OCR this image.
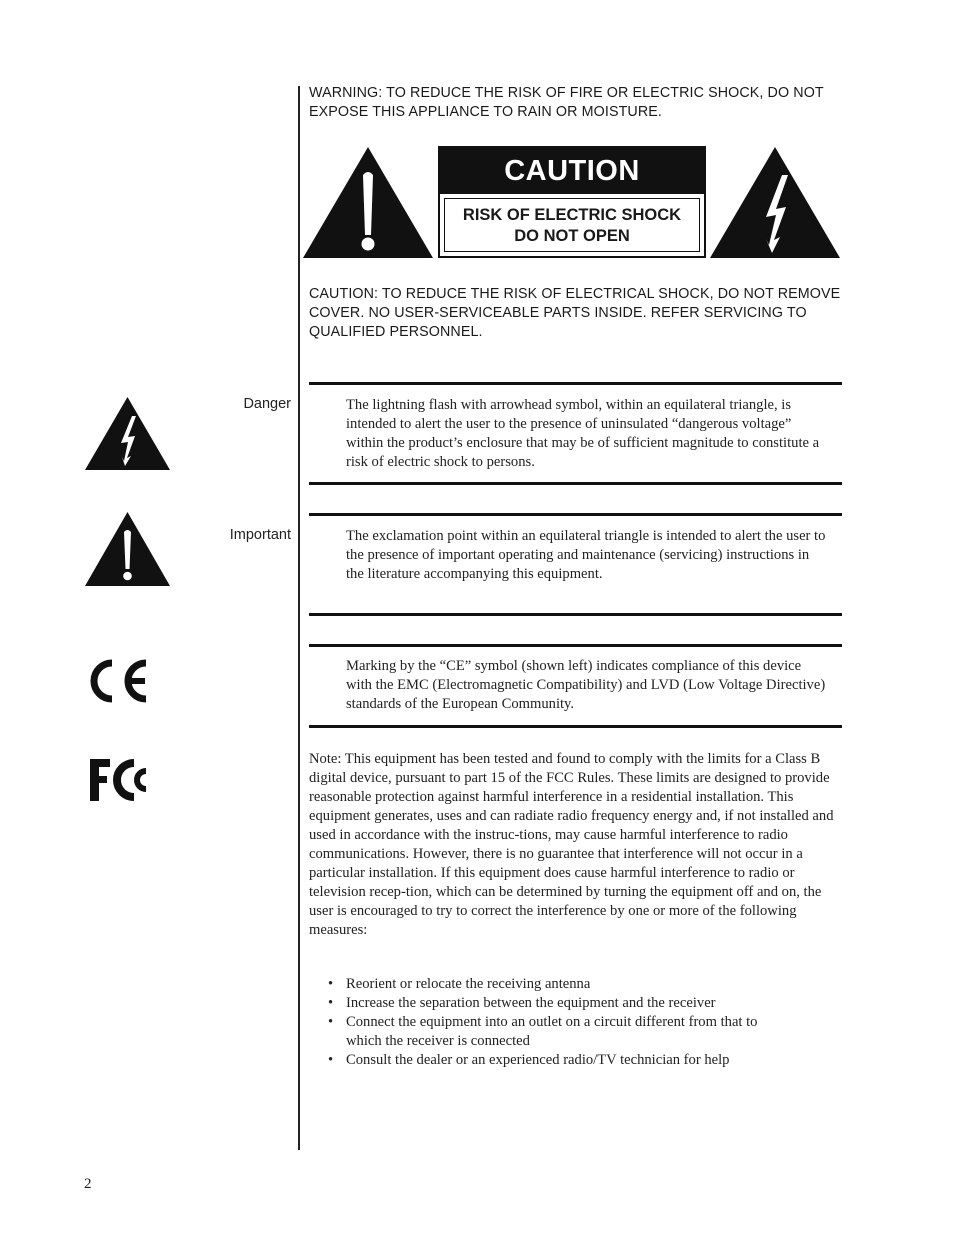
WARNING: TO REDUCE THE RISK OF FIRE OR ELECTRIC SHOCK, DO NOT EXPOSE THIS APPLIANCE TO RAIN OR MOISTURE.
CAUTION
RISK OF ELECTRIC SHOCK
DO NOT OPEN
CAUTION: TO REDUCE THE RISK OF ELECTRICAL SHOCK, DO NOT REMOVE COVER. NO USER-SERVICEABLE PARTS INSIDE. REFER SERVICING TO QUALIFIED PERSONNEL.
Danger	The lightning flash with arrowhead symbol, within an equilateral triangle, is intended to alert the user to the presence of uninsulated “dangerous voltage” within the product’s enclosure that may be of sufficient magnitude to constitute a risk of electric shock to persons.
Important	The exclamation point within an equilateral triangle is intended to alert the user to the presence of important operating and maintenance (servicing) instructions in the literature accompanying this equipment.
Marking by the “CE” symbol (shown left) indicates compliance of this device with the EMC (Electromagnetic Compatibility) and LVD (Low Voltage Directive) standards of the European Community.
Note: This equipment has been tested and found to comply with the limits for a Class B digital device, pursuant to part 15 of the FCC Rules. These limits are designed to provide reasonable protection against harmful interference in a residential installation. This equipment generates, uses and can radiate radio frequency energy and, if not installed and used in accordance with the instruc-tions, may cause harmful interference to radio communications. However, there is no guarantee that interference will not occur in a particular installation. If this equipment does cause harmful interference to radio or television recep-tion, which can be determined by turning the equipment off and on, the user is encouraged to try to correct the interference by one or more of the following measures:
• Reorient or relocate the receiving antenna
• Increase the separation between the equipment and the receiver
• Connect the equipment into an outlet on a circuit different from that to which the receiver is connected
• Consult the dealer or an experienced radio/TV technician for help
2
